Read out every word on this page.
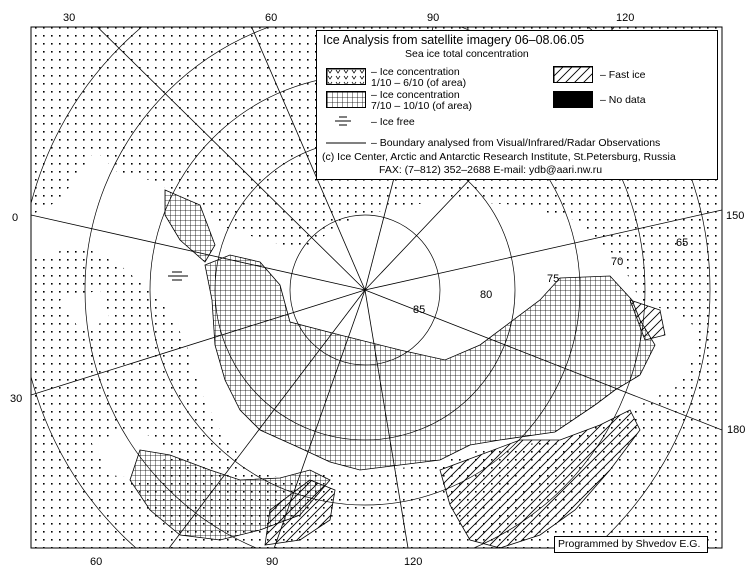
30	60	90	120
0
30
150
180
60	90	120
85
80
75
70
65
Ice Analysis from satellite imagery 06–08.06.05
Sea ice total concentration
– Ice concentration
1/10 – 6/10 (of area)
– Ice concentration
7/10 – 10/10 (of area)
– Ice free
– Fast ice
– No data
– Boundary analysed from Visual/Infrared/Radar Observations
(c) Ice Center, Arctic and Antarctic Research Institute, St.Petersburg, Russia
FAX: (7–812) 352–2688 E-mail: ydb@aari.nw.ru
Programmed by Shvedov E.G.
